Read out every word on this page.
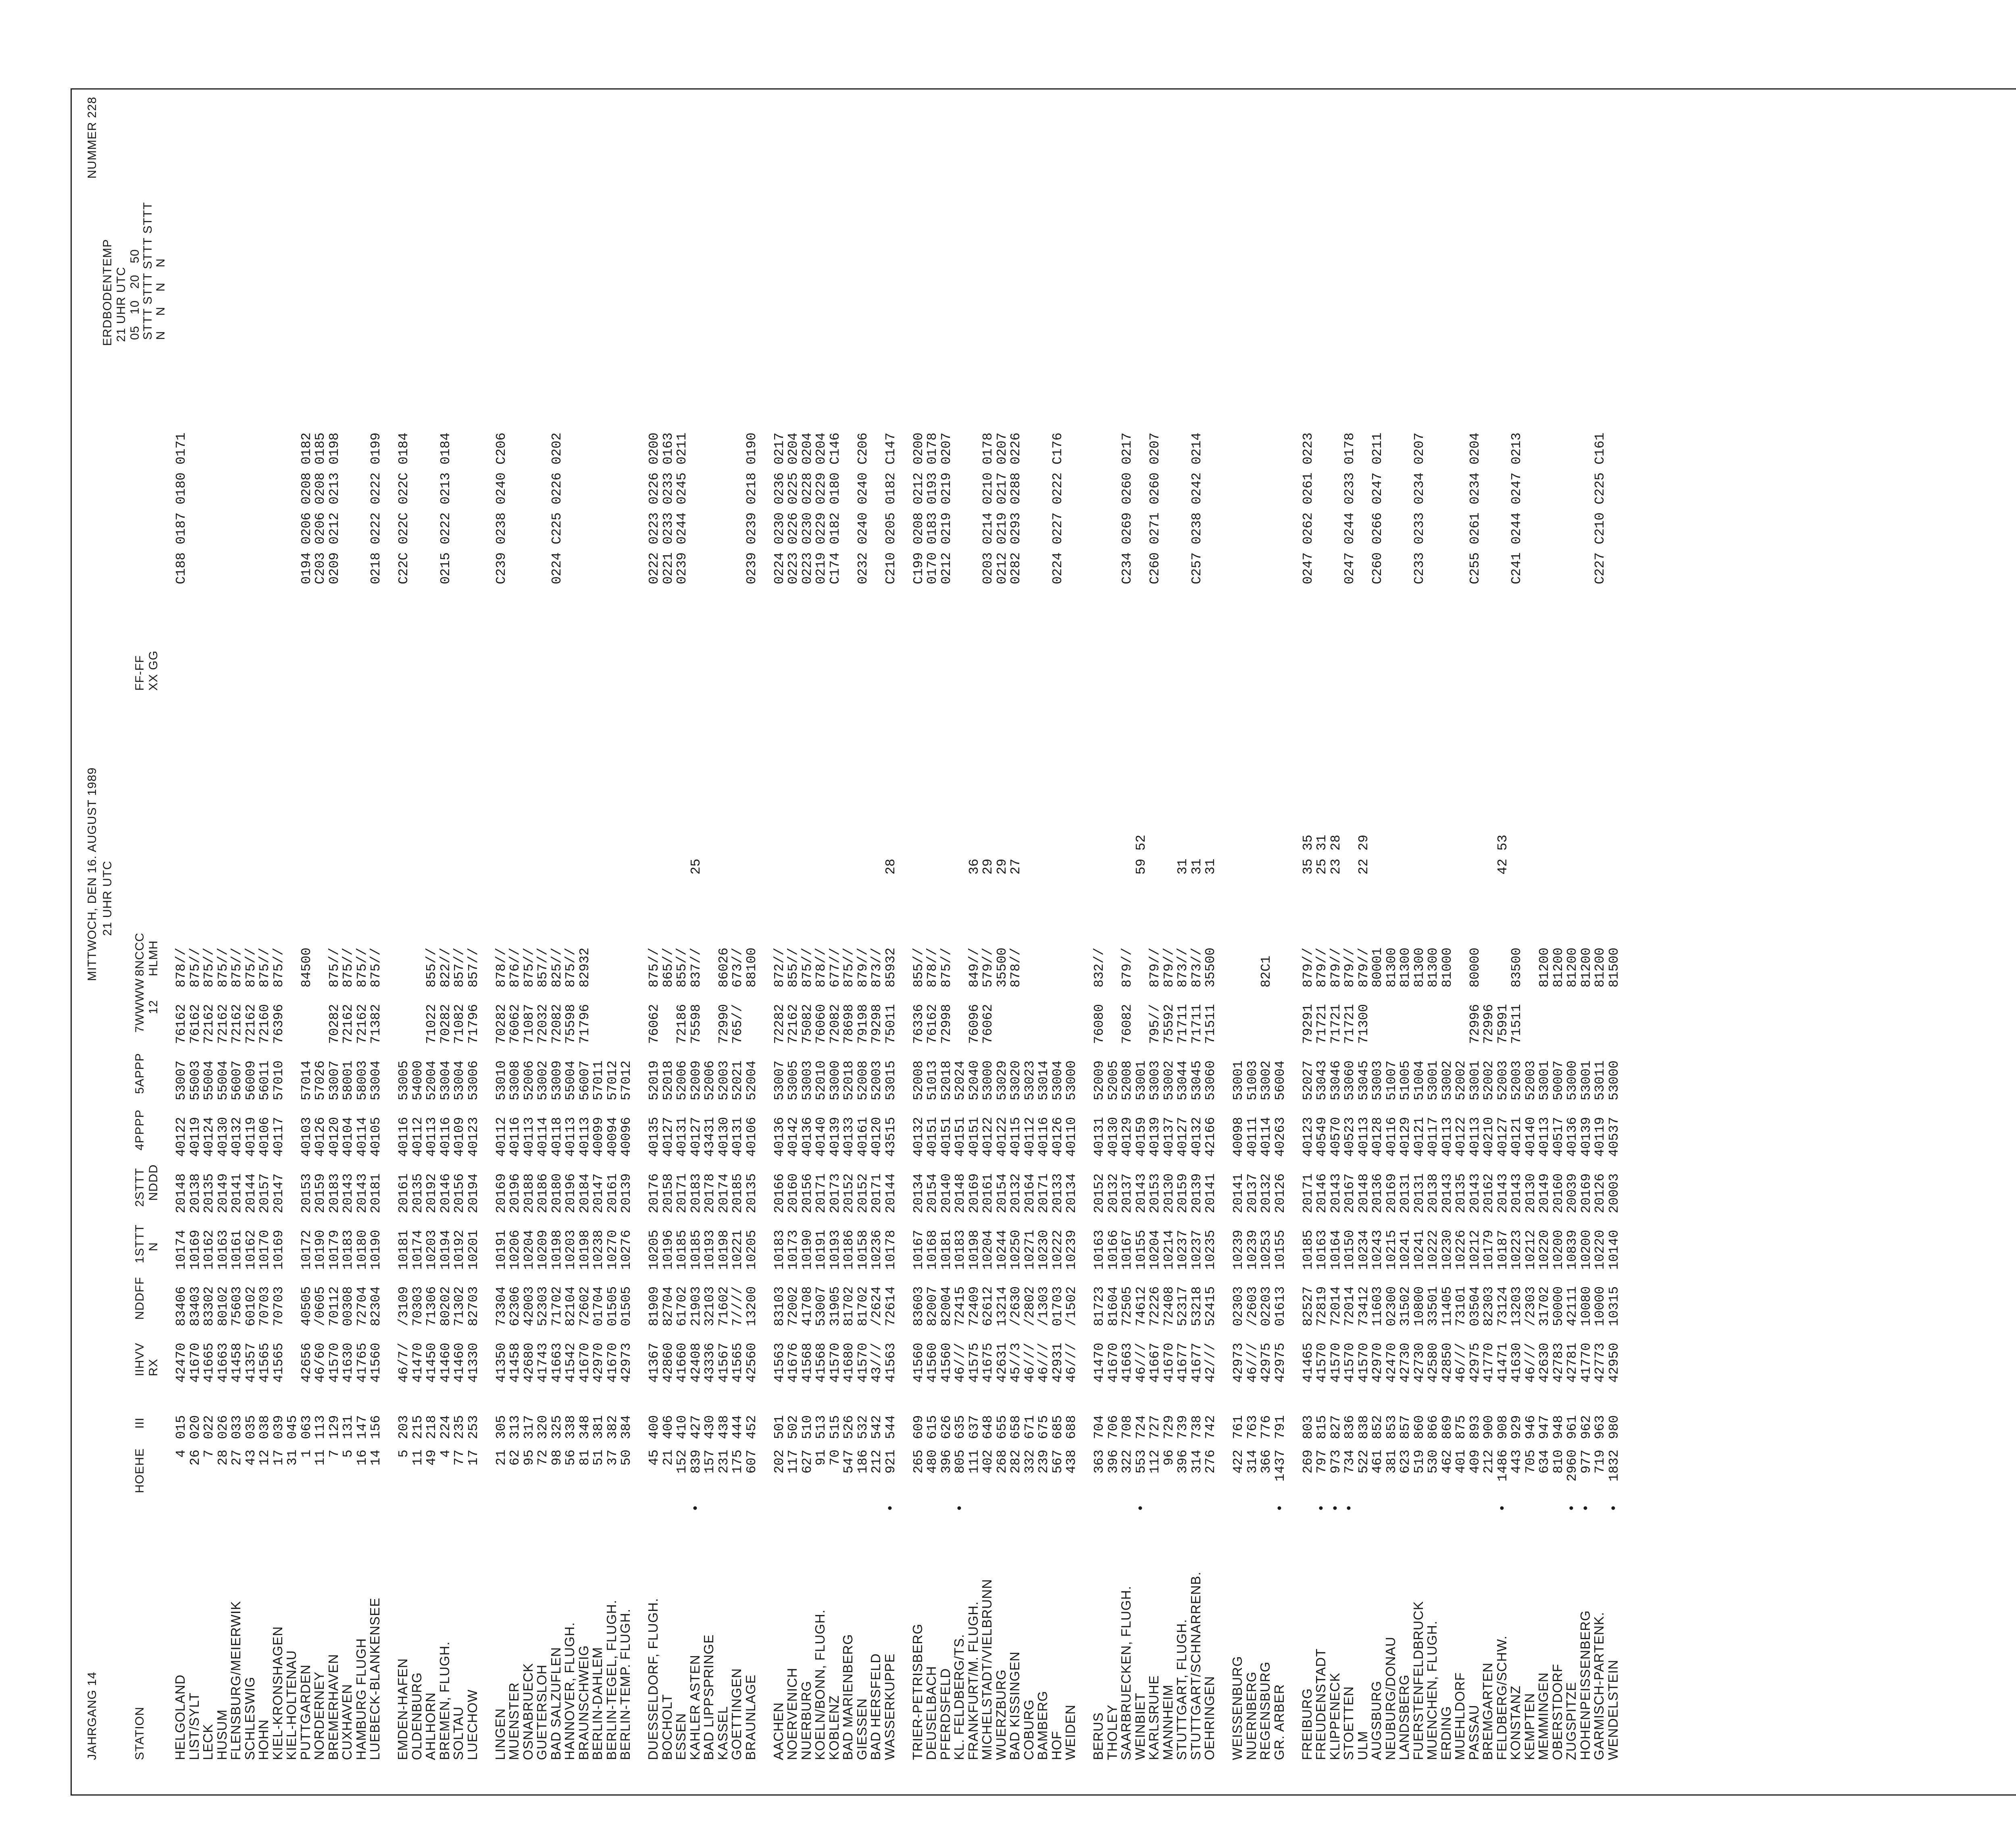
JAHRGANG 14
MITTWOCH, DEN 16. AUGUST 1989
NUMMER 228
21 UHR UTC
ERDBODENTEMP 21 UHR UTC
STATION
HOEHE
III
IIHVV RX
NDDFF
1STTT N
2STTT NDDD
4PPPP
5APPP
7WWWW 12
8NCCC HLMH
FF-FF XX GG
05   10   20   50 STTT STTT STTT STTT N    N    N    N
HELGOLAND401542470834061017420148401225300776162878//C188 0187 0180 0171
LIST/SYLT2602041670834031016920138401195500376162875//
LECK702241665833021016220135401245500472162875//
HUSUM2802641663801021016320149401305500472162875//
FLENSBURG/MEIERWIK2703341458756031016120141401325600772162875//
SCHLESWIG4303541357601021016220144401195600972162875//
HOHN1203841565707031017020157401065601172160875//
KIEL-KRONSHAGEN1703941565707031016920147401175701076396875//
KIEL-HOLTENAU31045
PUTTGARDEN1063426564050510172201534010357014845000194 0206 0208 0182
NORDERNEY1111346/60/060510190201594012657026C203 0206 0208 0185
BREMERHAVEN712941570701121017920183401205300770282875//0209 0212 0213 0198
CUXHAVEN513141630003081018320143401045800172162875//
HAMBURG FLUGH1614741765727041018020143401145800372162875//
LUEBECK-BLANKENSEE1415641560823041019020181401055300471382875//0218 0222 0222 0199
EMDEN-HAFEN520346/7//310910181201614011653005C22C 022C 022C 0184
OLDENBURG11215414707030310174201354011254000
AHLHORN4921841450713061020320192401135200471022855//
BREMEN, FLUGH.422441460802021019420146401165300470282822//0215 0222 0213 0184
SOLTAU7723541460713021019220156401095300471082857//
LUECHOW1725341330827031020120194401235300671796857//
LINGEN2130541350733041019120169401125301070282878//C239 0238 0240 C206
MUENSTER6231341458623061020620196401165300876062876//
OSNABRUECK9531742680420031020420188401135200671087875//
GUETERSLOH7232041743523031020920186401145300272032857//
BAD SALZUFLEN9832541663717021019820180401185300972082825//0224 C225 0226 0202
HANNOVER, FLUGH.5633841542821041020320196401135500475598875//
BRAUNSCHWEIG813484167072602101982018440113560077179682932
BERLIN-DAHLEM51381429700170410238201474009957011
BERLIN-TEGEL, FLUGH.37382416700150510270201614009457012
BERLIN-TEMP. FLUGH.50384429730150510276201394009657012
DUESSELDORF, FLUGH.4540041367819091020520176401355201976062875//0222 0223 0226 0200
BOCHOLT21406428608270410196201584012752018865//0221 0233 0233 0163
ESSEN15241041660617021018520171401315200672186855//0239 0244 0245 0211
KAHLER ASTEN•83942742408219031018520183401275200975598837//25
BAD LIPPSPRINGE157430433363210310193201784343152006
KASSEL2314384156771602101982017440130520037299086026
GOETTINGEN175444415657////10221201854013152021765//673//
BRAUNLAGE607452425601320010205201354010652004881000239 0239 0218 0190
AACHEN20250141563831031018320166401365300772282872//0224 0230 0236 0217
NOERVENICH11750241676720021017320160401425300572162855//0223 0226 0225 0204
NUERBURG62751041568417081019020156401365300375082875//0223 0230 0228 0204
KOELN/BONN, FLUGH.9151341568530071019120171401405201076060878//0219 0229 0229 0204
KOBLENZ7051541570319051019320173401395300072082677//C174 0182 0180 C146
BAD MARIENBERG54752641680817021018620152401335201878698875//
GIESSEN18653241570817021015820152401615200879198879//0232 0240 0240 C206
BAD HERSFELD21254243////26241023620171401205200379298873//
WASSERKUPPE•921544415637261410178201444351553015750118593228C210 0205 0182 C147
TRIER-PETRISBERG26560941560836031016720134401325200876336855//C199 0208 0212 0200
DEUSELBACH48061541560820071016820154401515101376162878//0170 0183 0193 0178
PFERDSFELD39662641560820041018120140401515201872998875//0212 0219 0219 0207
KL. FELDBERG/TS.•80563546///7241510183201484015152024
FRANKFURT/M. FLUGH.11163741575724091019820169401515204076096849//36
MICHELSTADT/VIELBRUNN40264841675626121020420161401225300076062579//290203 0214 0210 0178
WUERZBURG26865542631132141024420154401225302935500290212 0219 0217 0207
BAD KISSINGEN28265845//3/263010250201324011553020878//270282 0293 0288 0226
COBURG33267146////280210271201644011253023
BAMBERG23967546////130310230201714011653014
HOF5676854293101703102222013340126530040224 0227 0222 C176
WEIDEN43868846////150210239201344011053000
BERUS36370441470817231016320152401315200976080832//
THOLEY396706416708160410166201324013052005
SAARBRUECKEN, FLUGH.32270841663725051016720137401295200876082879//C234 0269 0260 0217
WEINBIET•55372446///746121015520143401595300159 52
KARLSRUHE112727416677222610204201534013953003795//879//C260 0271 0260 0207
MANNHEIM9672941670724081021420130401375300275592879//
STUTTGART, FLUGH.39673941677523171023720159401275304471711873//31
STUTTGART/SCHNARRENB.31473841677532181023720139401325304571711873//31C257 0238 0242 0214
OEHRINGEN27674242///5241510235201414216653060715113550031
WEISSENBURG422761429730230310239201414009853001
NUERNBERG31476346////260310239201374011151003
REGENSBURG36677642975022031025320132401145300282C1
GR. ARBER•1437791429750161310155201264026356004
FREIBURG26980341465825271018520171401235202779291879//35 350247 0262 0261 0223
FREUDENSTADT•79781541570728191016320146405495304371721879//25 31
KLIPPENECK•97382741570720141016420143405705304671721879//23 28
STOETTEN•73483641570720141015020167405235306071721879//0247 0244 0233 0178
ULM52283841570734121023420148401135304571300879//22 29
AUGSBURG46185242970116031024320136401285300380001C260 0266 0247 0211
NEUBURG/DONAU38185342470023001021520169401165100781300
LANDSBERG62385742730315021024120131401295100581300
FUERSTENFELDBRUCK51986042730108001024120131401215100481300C233 0233 0234 0207
MUENCHEN, FLUGH.53086642580335011022220138401175300181300
ERDING46286942850114051023020143401135300281000
MUEHLDORF40187546///7310110226201354012252002
PASSAU4098934297503504102122014340113530017299680000C255 0261 0234 0204
BREMGARTEN21290041770823031017920162402105200272996
FELDBERG/SCHW.•14869084147173124101872014340127520037599142 53
KONSTANZ4439294163013203102232014340121520037151183500C241 0244 0247 0213
KEMPTEN70594646////230310212201304014052003
MEMMINGEN63494742630317021022020149401135300181200
OBERSTDORF81094842783500001020020160405175000781200
ZUGSPITZE•296096142781421111083920039401365300081200
HOHENPEISSENBERG•97796241770100801020020169401395300181200
GARMISCH-PARTENK.71996342773100001022020126401195301181200C227 C210 C225 C161
WENDELSTEIN•183298042950103151014020003405375300081500
